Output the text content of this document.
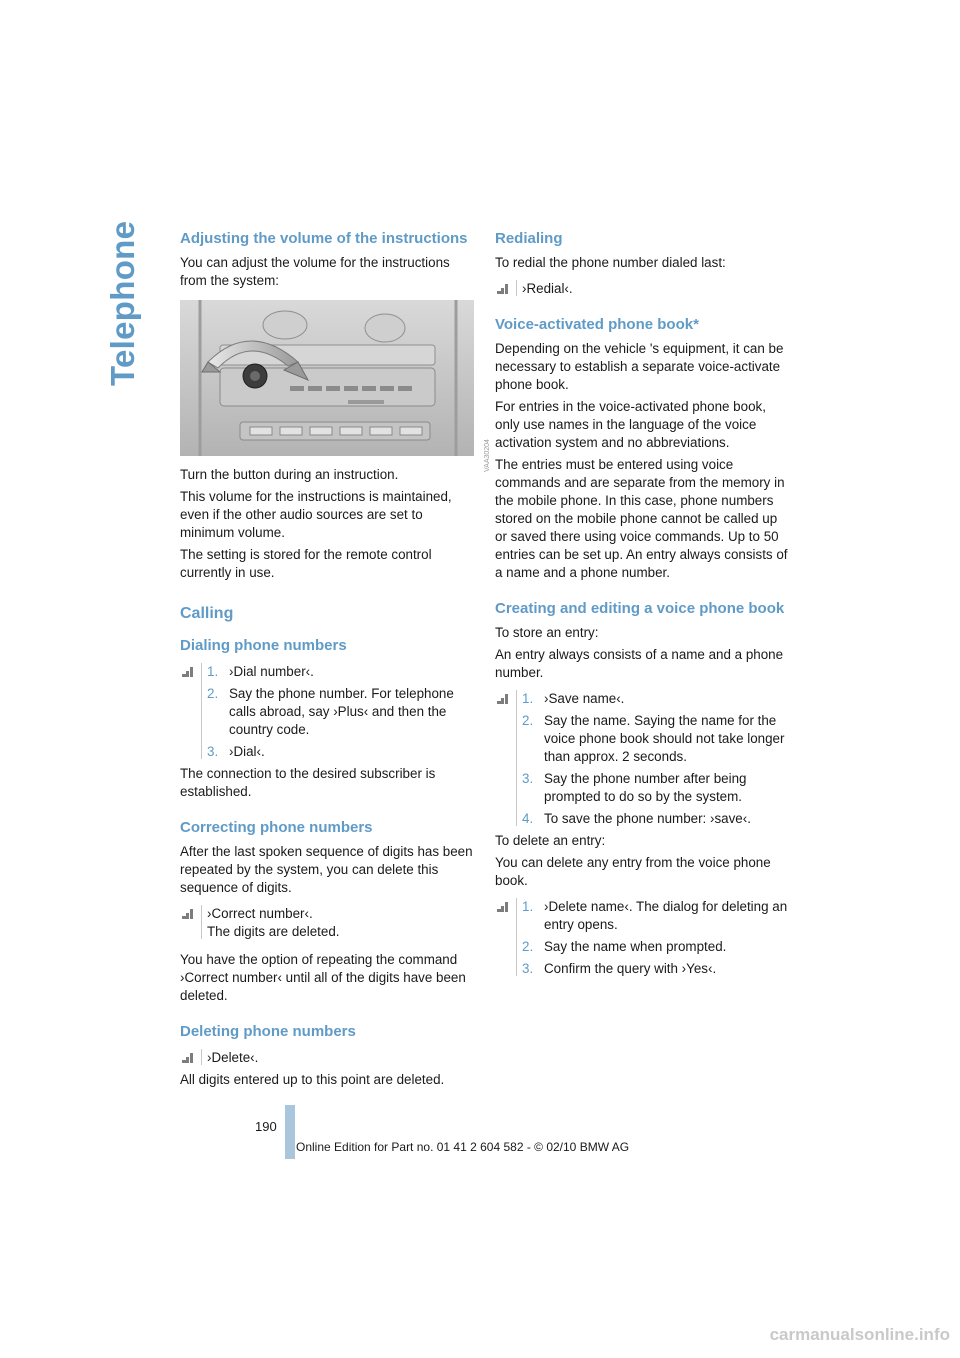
Telephone	Adjusting the volume of the instructions

You can adjust the volume for the instructions from the system:

Turn the button during an instruction.

This volume for the instructions is maintained, even if the other audio sources are set to minimum volume.

The setting is stored for the remote control currently in use.

Calling
Dialing phone numbers
1. ›Dial number‹.
2. Say the phone number. For telephone calls abroad, say ›Plus‹ and then the country code.
3. ›Dial‹.

The connection to the desired subscriber is established.

Correcting phone numbers

After the last spoken sequence of digits has been repeated by the system, you can delete this sequence of digits.

›Correct number‹.
The digits are deleted.

You have the option of repeating the command ›Correct number‹ until all of the digits have been deleted.

Deleting phone numbers
›Delete‹.

All digits entered up to this point are deleted.

VAA30204
Redialing

To redial the phone number dialed last:

›Redial‹.
Voice-activated phone book*

Depending on the vehicle 's equipment, it can be necessary to establish a separate voice-activate phone book.

For entries in the voice-activated phone book, only use names in the language of the voice activation system and no abbreviations.

The entries must be entered using voice commands and are separate from the memory in the mobile phone. In this case, phone numbers stored on the mobile phone cannot be called up or saved there using voice commands. Up to 50 entries can be set up. An entry always consists of a name and a phone number.

Creating and editing a voice phone book

To store an entry:

An entry always consists of a name and a phone number.

1. ›Save name‹.
2. Say the name. Saying the name for the voice phone book should not take longer than approx. 2 seconds.
3. Say the phone number after being prompted to do so by the system.
4. To save the phone number: ›save‹.

To delete an entry:

You can delete any entry from the voice phone book.

1. ›Delete name‹. The dialog for deleting an entry opens.
2. Say the name when prompted.
3. Confirm the query with ›Yes‹.
190
Online Edition for Part no. 01 41 2 604 582 - © 02/10 BMW AG
carmanualsonline.info
